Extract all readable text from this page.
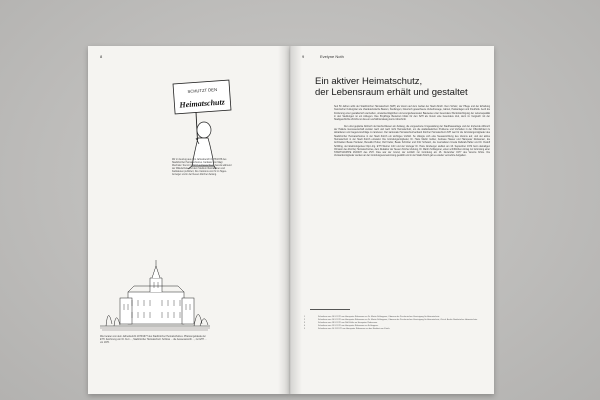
8
SCHUTZT DEN
Heimatschutz
Wir im Auszug aus dem Jahresbericht 1976/1978 des Stadtzürcher Heimatschutzes. Karikatur von Magi Wechsler. Sie ist in Zürich aufgewachsen, bereits während der Mittelschule und dem Studium Illustrationen und Karikaturen publiziert, ihre Cartoons von ihr im Tages-Anzeiger und in der Neuen Zürcher Zeitung.
Wie beraten von dem Jahresbericht 1976/1977 des Stadtzürcher Heimatschutzes. Pflanzengebäude der ETH. Zeichnung von Dr. Kurt ..., Stadtzürcher Heimatschutz. Schloss ... die Aussenansicht ..., zur ETH ... um 1976.
9	Evelyne Noth
Ein aktiver Heimatschutz,
der Lebensraum erhält und gestaltet

Seit 50 Jahren wirkt der Stadtzürcher Heimatschutz (SZH) als Verein auf dem Gebiet der Stadt Zürich. Dem Schutz, der Pflege und der Erhaltung historischer Kulturgüter wie charakteristische Bauten, Siedlungen, historisch gewachsene Verkehrswege, Gärten, Parkanlagen und Friedhöfe. Auch die Förderung einer gestalterisch wertvollen, umweltverträglichen und energiebewussten Bauweise unter besonderer Berücksichtigung der Lebensqualität in den Siedlungen ist ein Anliegen. Das 50-jährige Bestehen bildet für den SZH als Verein eine besondere Zeit, denn im Vergleich mit der Stadtgeschichte Zürichs ist dies ein verhältnismässig kurzer Abschnitt.

Der einst geplante Abbruch der Escherhäuser am Zeltweg, die vorgesehene Umgestaltung der Stadthausanlage und der drohende Abbruch der Hallerie Genossenschaft wurden nach und nach nicht Heimatschutz, um die städtebaulichen Probleme und Vorhaben in der Öffentlichkeit zu debattieren und Gegenvorschläge zu lancieren. Der kantonale Heimatschutzverband Zürcher Heimatschutz ZVH war für die Gründungsmitglieder des Stadtzürcher Heimatschutzes in der Stadt Zürich ein wichtiges Vorbild. So drängte sich eine Neuausrichtung des Vereins auf, und der aktive Heimatschutz in der Stadt Zürich entstand. Die Gründungsmitglieder, Dr. Hans Martin Gubler, Andreas Hauser und Hanspeter Rebsamen, die Architekten Beate Hunkeler, Benedikt Huber, Rolf Keller, Beate Schnitter und Fritz Schwarz, die Journalisten Ursula Rellstab-Hafter und Dr. Rudolf Schilling, der Elektroingenieur Dipl.-Ing. ETH Werner Jöhr und der Verleger Dr. Hans Girsberger stellten am 16. September 1972 beim damaligen Obmann des Zürcher Heimatschutzes, dem Redaktor der Neuen Zürcher Zeitung, Dr. Martin Schlappner, einen schriftlichen Antrag zur Gründung einer STADTGRUPPE ZÜRICH des ZVH. Dies war der Grund, der letztlich zur Gründung am 16. Dezember 1977 des Vereins führte. Die Vorstandsmitglieder wurden an der Gründungsversammlung gewählt und in der Stadt Zürich gab es wieder vermehrte Aufgaben.

1	Schreiben vom 16.9.1972 von Hanspeter Rebsamen an Dr. Martin Schlappner, Obmann der Zürcherischen Vereinigung für Heimatschutz.
2	Schreiben vom 16.9.1972 von Hanspeter Rebsamen an Dr. Martin Schlappner, Obmann der Zürcherischen Vereinigung für Heimatschutz, Zürich. Archiv Stadtzürcher Heimatschutz.
3	Schreiben vom 18.9.1972 von Rolf Keller an Hanspeter Rebsamen.
4	Schreiben vom 19.9.1972 von Hanspeter Rebsamen an Schlappner.
5	Schreiben vom 14.11.1972 von Hanspeter Rebsamen an den Stadtrat von Zürich.
